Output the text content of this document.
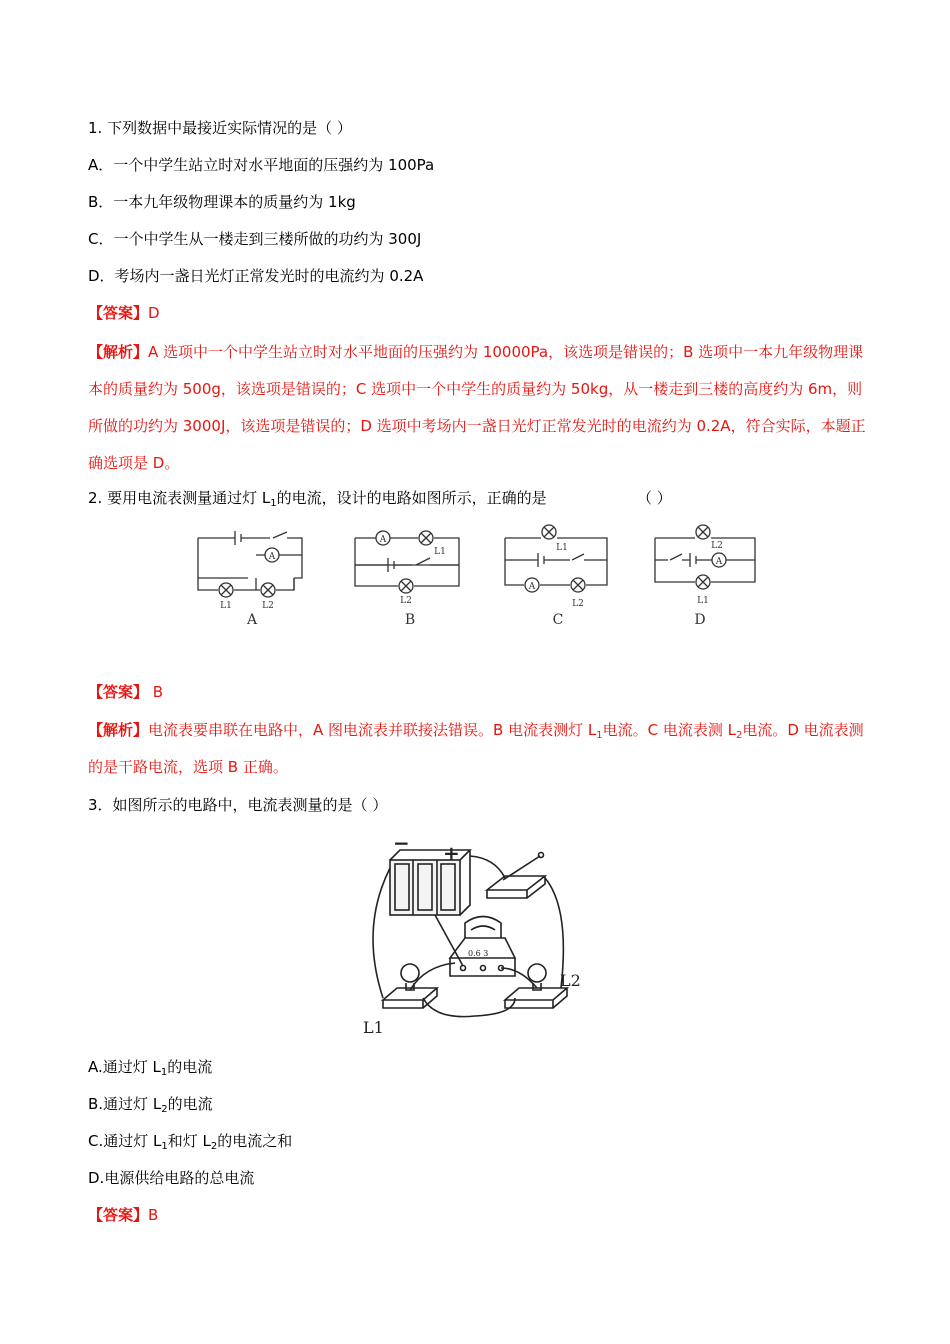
1. 下列数据中最接近实际情况的是（ ）
A．一个中学生站立时对水平地面的压强约为 100Pa
B．一本九年级物理课本的质量约为 1kg
C．一个中学生从一楼走到三楼所做的功约为 300J
D．考场内一盏日光灯正常发光时的电流约为 0.2A
【答案】D
【解析】A 选项中一个中学生站立时对水平地面的压强约为 10000Pa，该选项是错误的；B 选项中一本九年级物理课本的质量约为 500g，该选项是错误的；C 选项中一个中学生的质量约为 50kg，从一楼走到三楼的高度约为 6m，则所做的功约为 3000J，该选项是错误的；D 选项中考场内一盏日光灯正常发光时的电流约为 0.2A，符合实际，本题正确选项是 D。
2. 要用电流表测量通过灯 $L_1$的电流，设计的电路如图所示，正确的是	（ ）
A
A
A
A
L1	L2
L1
L2
L1
L2
L2
L1
A	B	C	D
【答案】 B
【解析】电流表要串联在电路中，A 图电流表并联接法错误。B 电流表测灯 $L_1$电流。C 电流表测 $L_2$电流。D 电流表测的是干路电流，选项 B 正确。
3．如图所示的电路中，电流表测量的是（ ）
− +
L1
L2
0.6 3
A.通过灯 $L_1$的电流
B.通过灯 $L_2$的电流
C.通过灯 $L_1$和灯 $L_2$的电流之和
D.电源供给电路的总电流
【答案】B
